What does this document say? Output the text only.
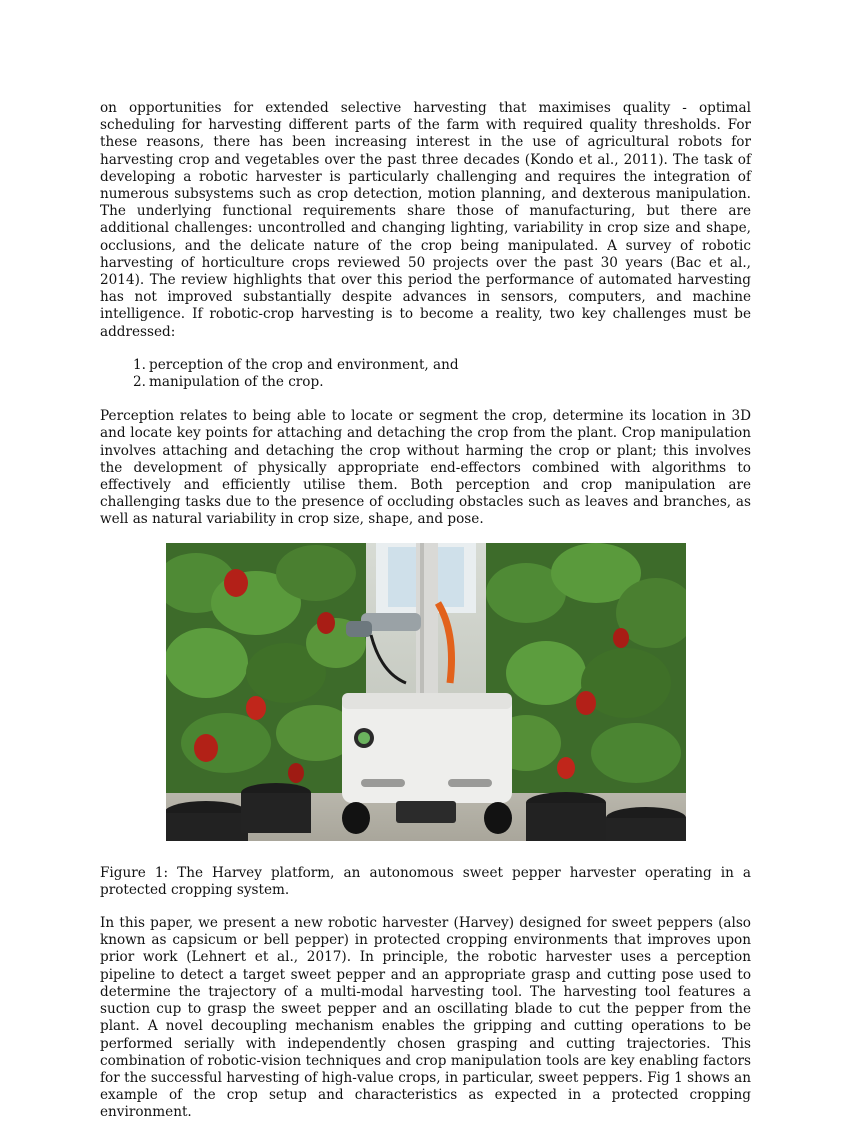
on opportunities for extended selective harvesting that maximises quality - optimal scheduling for harvesting different parts of the farm with required quality thresholds. For these reasons, there has been increasing interest in the use of agricultural robots for harvesting crop and vegetables over the past three decades (Kondo et al., 2011). The task of developing a robotic harvester is particularly challenging and requires the integration of numerous subsystems such as crop detection, motion planning, and dexterous manipulation. The underlying functional requirements share those of manufacturing, but there are additional challenges: uncontrolled and changing lighting, variability in crop size and shape, occlusions, and the delicate nature of the crop being manipulated. A survey of robotic harvesting of horticulture crops reviewed 50 projects over the past 30 years (Bac et al., 2014). The review highlights that over this period the performance of automated harvesting has not improved substantially despite advances in sensors, computers, and machine intelligence. If robotic-crop harvesting is to become a reality, two key challenges must be addressed:

1. perception of the crop and environment, and
2. manipulation of the crop.

Perception relates to being able to locate or segment the crop, determine its location in 3D and locate key points for attaching and detaching the crop from the plant. Crop manipulation involves attaching and detaching the crop without harming the crop or plant; this involves the development of physically appropriate end-effectors combined with algorithms to effectively and efficiently utilise them. Both perception and crop manipulation are challenging tasks due to the presence of occluding obstacles such as leaves and branches, as well as natural variability in crop size, shape, and pose.

Figure 1: The Harvey platform, an autonomous sweet pepper harvester operating in a protected cropping system.

In this paper, we present a new robotic harvester (Harvey) designed for sweet peppers (also known as capsicum or bell pepper) in protected cropping environments that improves upon prior work (Lehnert et al., 2017). In principle, the robotic harvester uses a perception pipeline to detect a target sweet pepper and an appropriate grasp and cutting pose used to determine the trajectory of a multi-modal harvesting tool. The harvesting tool features a suction cup to grasp the sweet pepper and an oscillating blade to cut the pepper from the plant. A novel decoupling mechanism enables the gripping and cutting operations to be performed serially with independently chosen grasping and cutting trajectories. This combination of robotic-vision techniques and crop manipulation tools are key enabling factors for the successful harvesting of high-value crops, in particular, sweet peppers. Fig 1 shows an example of the crop setup and characteristics as expected in a protected cropping environment.
